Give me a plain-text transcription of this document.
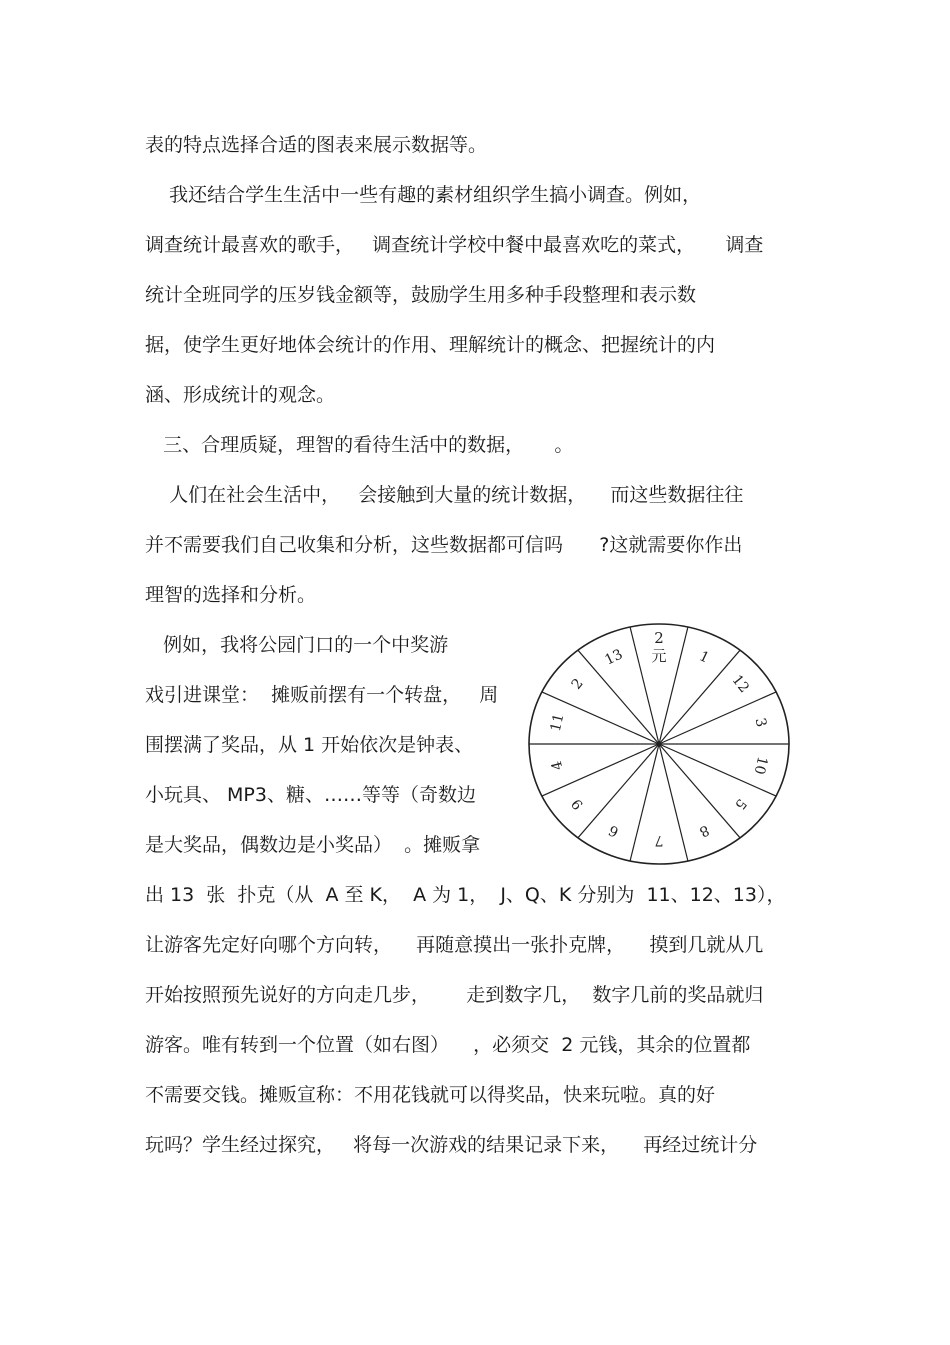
表的特点选择合适的图表来展示数据等。
我还结合学生生活中一些有趣的素材组织学生搞小调查。例如，
调查统计最喜欢的歌手，   调查统计学校中餐中最喜欢吃的菜式，     调查
统计全班同学的压岁钱金额等，鼓励学生用多种手段整理和表示数
据，使学生更好地体会统计的作用、理解统计的概念、把握统计的内
涵、形成统计的观念。
三、合理质疑，理智的看待生活中的数据，     。
人们在社会生活中，   会接触到大量的统计数据，    而这些数据往往
并不需要我们自己收集和分析，这些数据都可信吗      ?这就需要你作出
理智的选择和分析。
例如，我将公园门口的一个中奖游
戏引进课堂：  摊贩前摆有一个转盘，   周
围摆满了奖品，从 1 开始依次是钟表、
小玩具、 MP3、糖、……等等（奇数边
是大奖品，偶数边是小奖品）  。摊贩拿
出 13  张  扑克（从  A 至 K，  A 为 1，  J、Q、K 分别为  11、12、13），
让游客先定好向哪个方向转，    再随意摸出一张扑克牌，    摸到几就从几
开始按照预先说好的方向走几步，      走到数字几，  数字几前的奖品就归
游客。唯有转到一个位置（如右图）    ，必须交  2 元钱，其余的位置都
不需要交钱。摊贩宣称：不用花钱就可以得奖品，快来玩啦。真的好
玩吗？学生经过探究，   将每一次游戏的结果记录下来，    再经过统计分
2 元 1
12
3
10
5
8
7
6
9
4
11
2
13
